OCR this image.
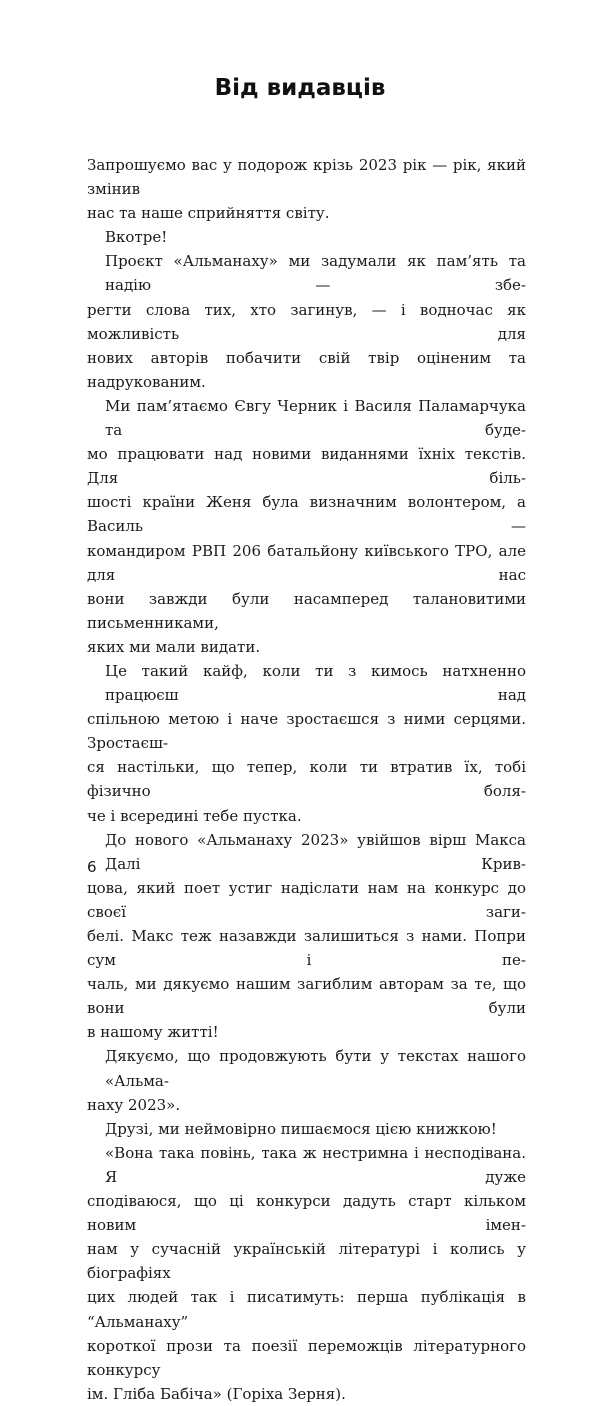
Від видавців
Запрошуємо вас у подорож крізь 2023 рік — рік, який змінив
нас та наше сприйняття світу.
Вкотре!
Проєкт «Альманаху» ми задумали як пам’ять та надію — збе-
регти слова тих, хто загинув, — і водночас як можливість для
нових авторів побачити свій твір оціненим та надрукованим.
Ми пам’ятаємо Євгу Черник і Василя Паламарчука та буде-
мо працювати над новими виданнями їхніх текстів. Для біль-
шості країни Женя була визначним волонтером, а Василь —
командиром РВП 206 батальйону київського ТРО, але для нас
вони завжди були насамперед талановитими письменниками,
яких ми мали видати.
Це такий кайф, коли ти з кимось натхненно працюєш над
спільною метою і наче зростаєшся з ними серцями. Зростаєш-
ся настільки, що тепер, коли ти втратив їх, тобі фізично боля-
че і всередині тебе пустка.
До нового «Альманаху 2023» увійшов вірш Макса Далі Крив-
цова, який поет устиг надіслати нам на конкурс до своєї заги-
белі. Макс теж назавжди залишиться з нами. Попри сум і пе-
чаль, ми дякуємо нашим загиблим авторам за те, що вони були
в нашому житті!
Дякуємо, що продовжують бути у текстах нашого «Альма-
наху 2023».
Друзі, ми неймовірно пишаємося цією книжкою!
«Вона така повінь, така ж нестримна і несподівана. Я дуже
сподіваюся, що ці конкурси дадуть старт кільком новим імен-
нам у сучасній українській літературі і колись у біографіях
цих людей так і писатимуть: перша публікація в “Альманаху”
короткої прози та поезії переможців літературного конкурсу
ім. Гліба Бабіча» (Горіха Зерня).
6
